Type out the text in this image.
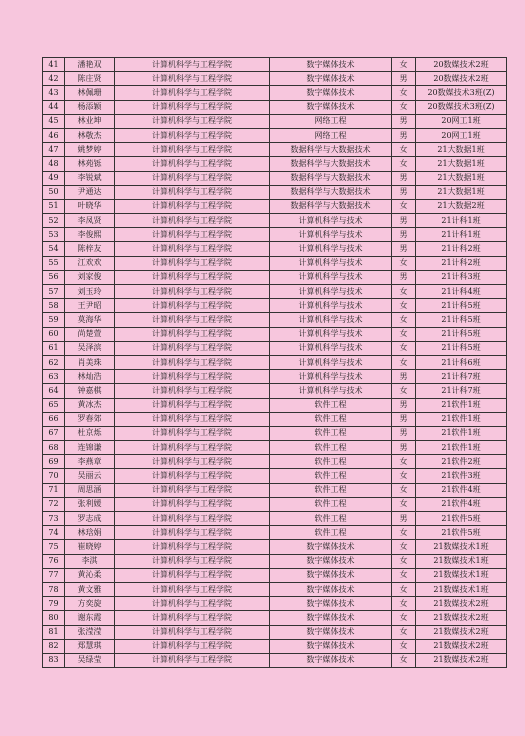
41	潘艳双	计算机科学与工程学院	数字媒体技术	女	20数媒技术2班
42	陈庄贤	计算机科学与工程学院	数字媒体技术	男	20数媒技术2班
43	林佩珊	计算机科学与工程学院	数字媒体技术	女	20数媒技术3班(Z)
44	杨添颖	计算机科学与工程学院	数字媒体技术	女	20数媒技术3班(Z)
45	林业坤	计算机科学与工程学院	网络工程	男	20网工1班
46	林敬杰	计算机科学与工程学院	网络工程	男	20网工1班
47	姚梦婷	计算机科学与工程学院	数据科学与大数据技术	女	21大数据1班
48	林苑铄	计算机科学与工程学院	数据科学与大数据技术	女	21大数据1班
49	李锐斌	计算机科学与工程学院	数据科学与大数据技术	男	21大数据1班
50	尹通达	计算机科学与工程学院	数据科学与大数据技术	男	21大数据1班
51	叶晓华	计算机科学与工程学院	数据科学与大数据技术	女	21大数据2班
52	李凤贤	计算机科学与工程学院	计算机科学与技术	男	21计科1班
53	李俊熙	计算机科学与工程学院	计算机科学与技术	男	21计科1班
54	陈梓友	计算机科学与工程学院	计算机科学与技术	男	21计科2班
55	江欢欢	计算机科学与工程学院	计算机科学与技术	女	21计科2班
56	刘家俊	计算机科学与工程学院	计算机科学与技术	男	21计科3班
57	刘玉玲	计算机科学与工程学院	计算机科学与技术	女	21计科4班
58	王尹昭	计算机科学与工程学院	计算机科学与技术	女	21计科5班
59	莫海华	计算机科学与工程学院	计算机科学与技术	女	21计科5班
60	尚楚萱	计算机科学与工程学院	计算机科学与技术	女	21计科5班
61	吴泽滨	计算机科学与工程学院	计算机科学与技术	女	21计科5班
62	肖美珠	计算机科学与工程学院	计算机科学与技术	女	21计科6班
63	林灿浩	计算机科学与工程学院	计算机科学与技术	男	21计科7班
64	钟嘉棋	计算机科学与工程学院	计算机科学与技术	女	21计科7班
65	黄冰杰	计算机科学与工程学院	软件工程	男	21软件1班
66	罗春郊	计算机科学与工程学院	软件工程	男	21软件1班
67	杜京烁	计算机科学与工程学院	软件工程	男	21软件1班
68	连锦谦	计算机科学与工程学院	软件工程	男	21软件1班
69	李燕章	计算机科学与工程学院	软件工程	女	21软件2班
70	吴丽云	计算机科学与工程学院	软件工程	女	21软件3班
71	周思涵	计算机科学与工程学院	软件工程	女	21软件4班
72	张利媛	计算机科学与工程学院	软件工程	女	21软件4班
73	罗志成	计算机科学与工程学院	软件工程	男	21软件5班
74	林琀娟	计算机科学与工程学院	软件工程	女	21软件5班
75	崔晓婷	计算机科学与工程学院	数字媒体技术	女	21数媒技术1班
76	李淇	计算机科学与工程学院	数字媒体技术	女	21数媒技术1班
77	黄沁柔	计算机科学与工程学院	数字媒体技术	女	21数媒技术1班
78	黄文雅	计算机科学与工程学院	数字媒体技术	女	21数媒技术1班
79	方奕旋	计算机科学与工程学院	数字媒体技术	女	21数媒技术2班
80	谢东霞	计算机科学与工程学院	数字媒体技术	女	21数媒技术2班
81	张滢滢	计算机科学与工程学院	数字媒体技术	女	21数媒技术2班
82	郑慧琪	计算机科学与工程学院	数字媒体技术	女	21数媒技术2班
83	吴绿莹	计算机科学与工程学院	数字媒体技术	女	21数媒技术2班
